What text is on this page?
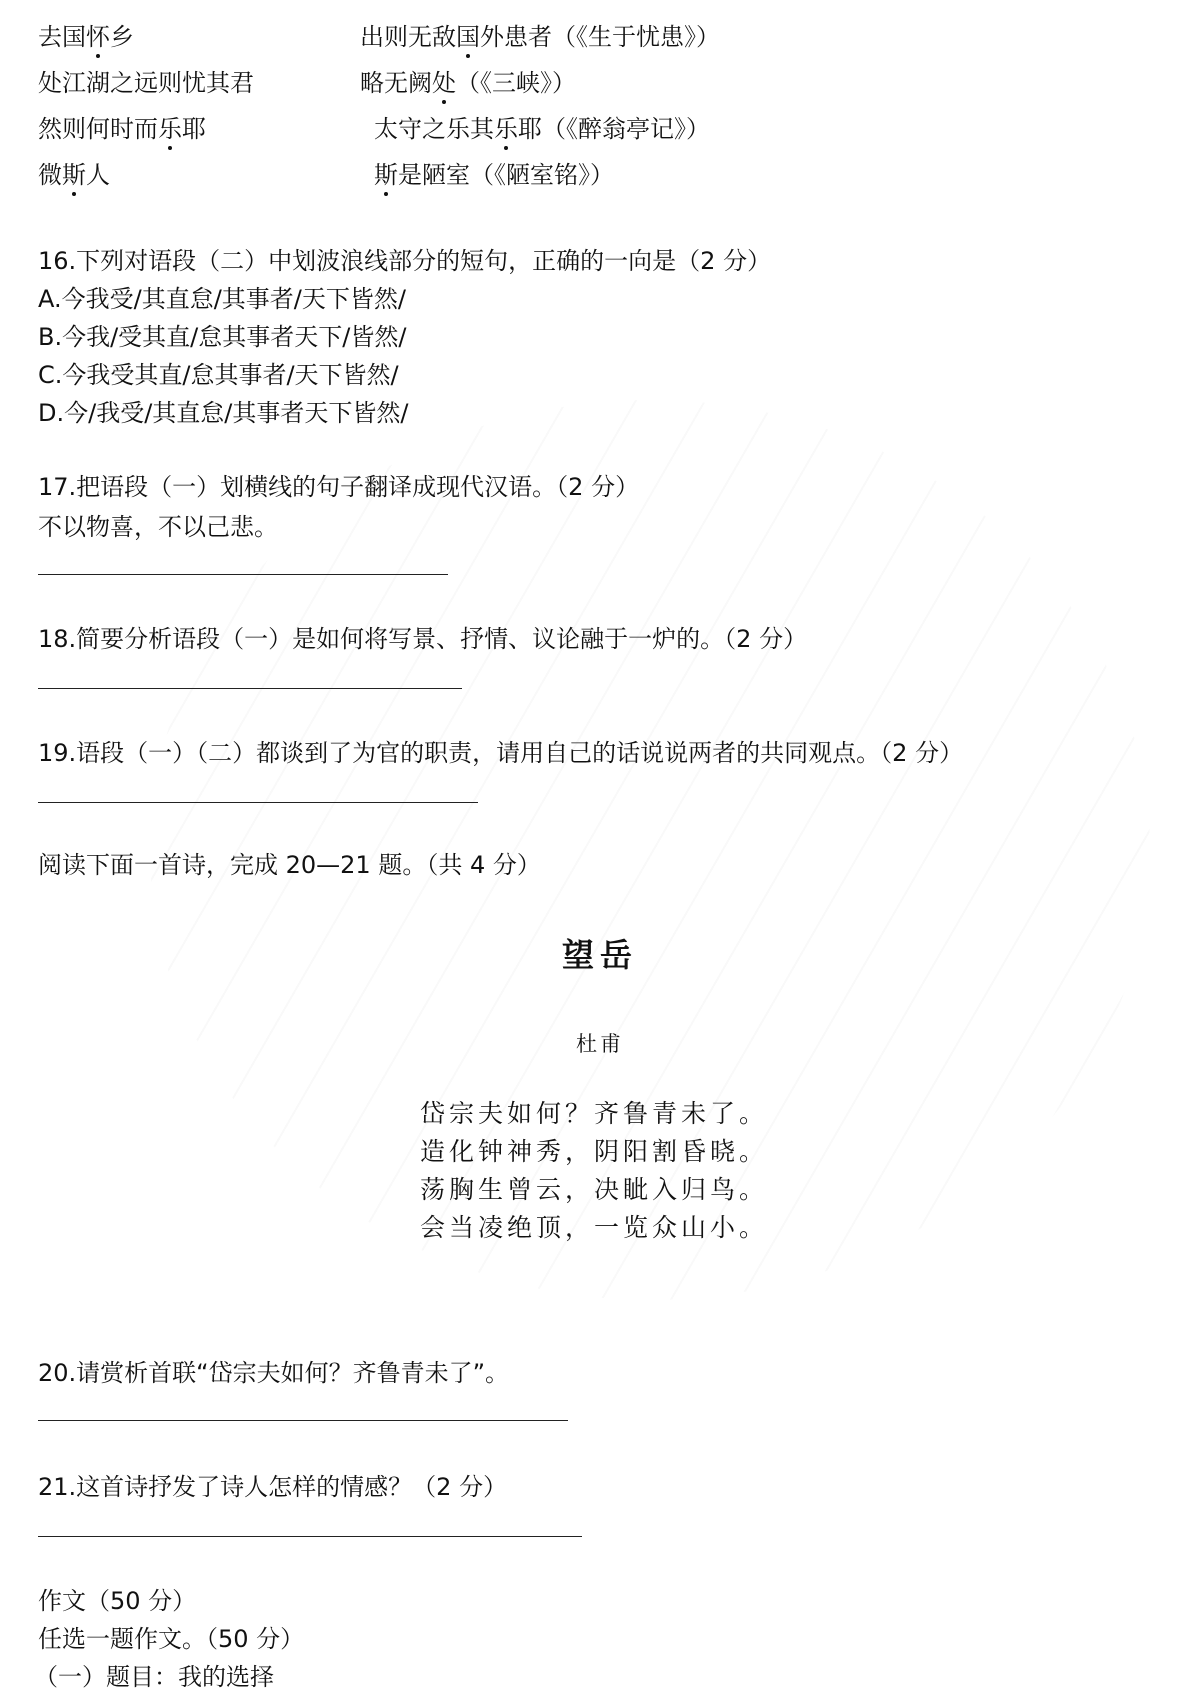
去国怀乡	出则无敌国外患者（《生于忧患》）
处江湖之远则忧其君	略无阙处（《三峡》）
然则何时而乐耶	太守之乐其乐耶（《醉翁亭记》）
微斯人	斯是陋室（《陋室铭》）
16.下列对语段（二）中划波浪线部分的短句，正确的一向是（2 分）
A.今我受/其直怠/其事者/天下皆然/
B.今我/受其直/怠其事者天下/皆然/
C.今我受其直/怠其事者/天下皆然/
D.今/我受/其直怠/其事者天下皆然/
17.把语段（一）划横线的句子翻译成现代汉语。（2 分）
不以物喜，不以己悲。
18.简要分析语段（一）是如何将写景、抒情、议论融于一炉的。（2 分）
19.语段（一）（二）都谈到了为官的职责，请用自己的话说说两者的共同观点。（2 分）
阅读下面一首诗，完成 20—21 题。（共 4 分）
望岳
杜甫
岱宗夫如何？齐鲁青未了。
造化钟神秀，阴阳割昏晓。
荡胸生曾云，决眦入归鸟。
会当凌绝顶，一览众山小。
20.请赏析首联“岱宗夫如何？齐鲁青未了”。
21.这首诗抒发了诗人怎样的情感？（2 分）
作文（50 分）
任选一题作文。（50 分）
（一）题目：我的选择
